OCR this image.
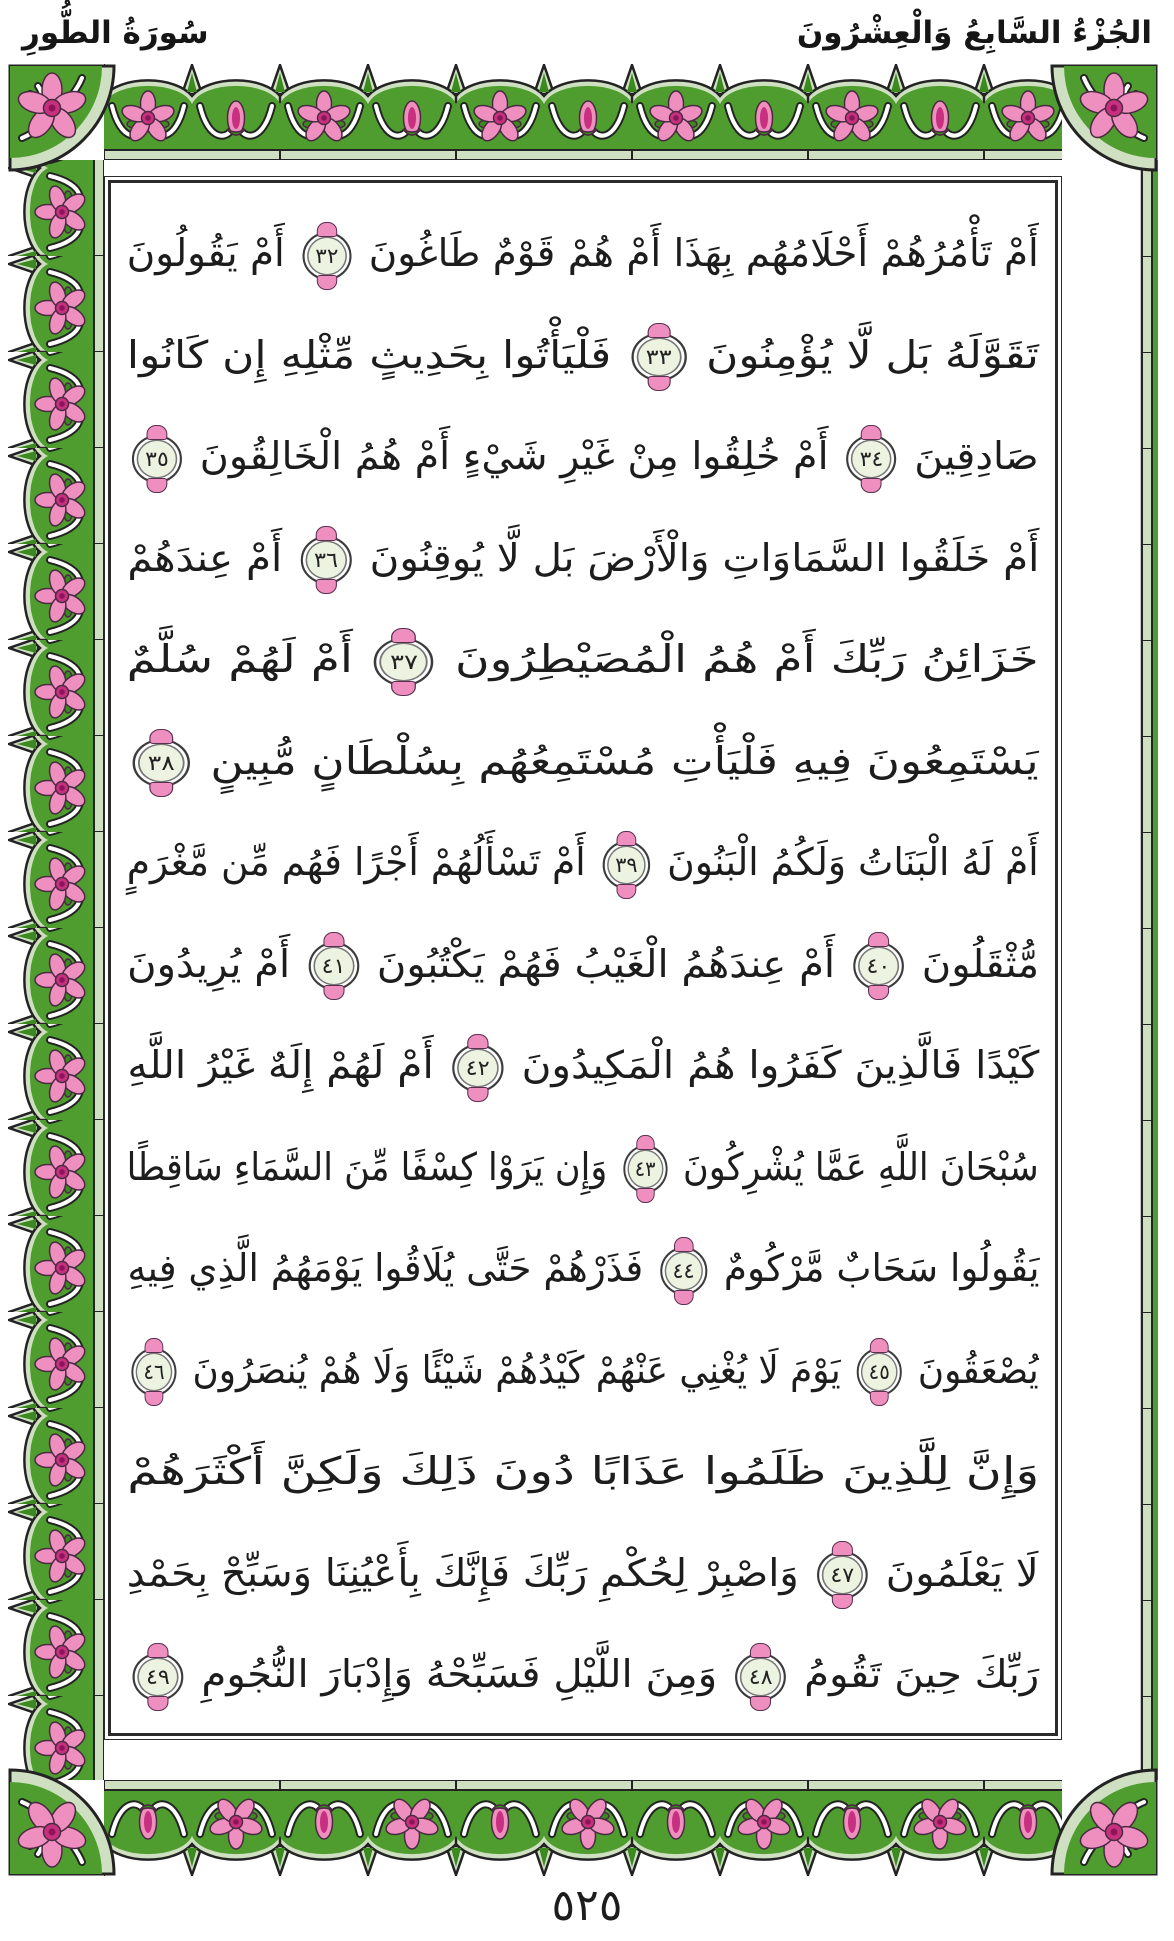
الجُزْءُ السَّابِعُ وَالْعِشْرُونَ
سُورَةُ الطُّورِ
أَمْ تَأْمُرُهُمْ أَحْلَامُهُم بِهَذَا أَمْ هُمْ قَوْمٌ طَاغُونَ ٣٢ أَمْ يَقُولُونَ
تَقَوَّلَهُ بَل لَّا يُؤْمِنُونَ ٣٣ فَلْيَأْتُوا بِحَدِيثٍ مِّثْلِهِ إِن كَانُوا
صَادِقِينَ ٣٤ أَمْ خُلِقُوا مِنْ غَيْرِ شَيْءٍ أَمْ هُمُ الْخَالِقُونَ ٣٥
أَمْ خَلَقُوا السَّمَاوَاتِ وَالْأَرْضَ بَل لَّا يُوقِنُونَ ٣٦ أَمْ عِندَهُمْ
خَزَائِنُ رَبِّكَ أَمْ هُمُ الْمُصَيْطِرُونَ ٣٧ أَمْ لَهُمْ سُلَّمٌ
يَسْتَمِعُونَ فِيهِ فَلْيَأْتِ مُسْتَمِعُهُم بِسُلْطَانٍ مُّبِينٍ ٣٨
أَمْ لَهُ الْبَنَاتُ وَلَكُمُ الْبَنُونَ ٣٩ أَمْ تَسْأَلُهُمْ أَجْرًا فَهُم مِّن مَّغْرَمٍ
مُّثْقَلُونَ ٤٠ أَمْ عِندَهُمُ الْغَيْبُ فَهُمْ يَكْتُبُونَ ٤١ أَمْ يُرِيدُونَ
كَيْدًا فَالَّذِينَ كَفَرُوا هُمُ الْمَكِيدُونَ ٤٢ أَمْ لَهُمْ إِلَهٌ غَيْرُ اللَّهِ
سُبْحَانَ اللَّهِ عَمَّا يُشْرِكُونَ ٤٣ وَإِن يَرَوْا كِسْفًا مِّنَ السَّمَاءِ سَاقِطًا
يَقُولُوا سَحَابٌ مَّرْكُومٌ ٤٤ فَذَرْهُمْ حَتَّى يُلَاقُوا يَوْمَهُمُ الَّذِي فِيهِ
يُصْعَقُونَ ٤٥ يَوْمَ لَا يُغْنِي عَنْهُمْ كَيْدُهُمْ شَيْئًا وَلَا هُمْ يُنصَرُونَ ٤٦
وَإِنَّ لِلَّذِينَ ظَلَمُوا عَذَابًا دُونَ ذَلِكَ وَلَكِنَّ أَكْثَرَهُمْ
لَا يَعْلَمُونَ ٤٧ وَاصْبِرْ لِحُكْمِ رَبِّكَ فَإِنَّكَ بِأَعْيُنِنَا وَسَبِّحْ بِحَمْدِ
رَبِّكَ حِينَ تَقُومُ ٤٨ وَمِنَ اللَّيْلِ فَسَبِّحْهُ وَإِدْبَارَ النُّجُومِ ٤٩
٥٢٥
